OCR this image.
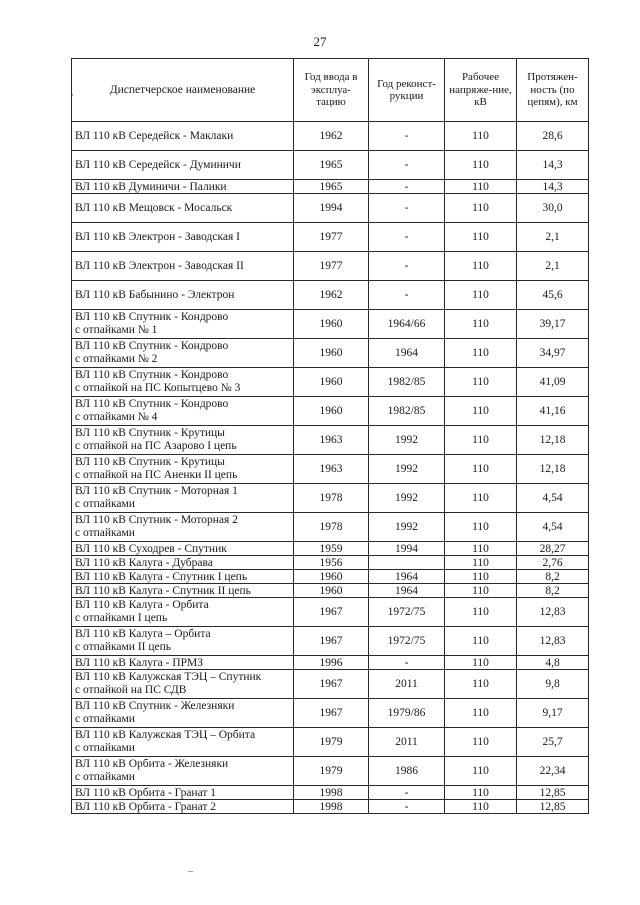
27
·	Диспетчерское наименование	Год ввода в эксплуа-тацию	Год реконст-рукции	Рабочее напряже-ние, кВ	Протяжен-ность (по цепям), км
ВЛ 110 кВ Середейск - Маклаки	1962	-	110	28,6
ВЛ 110 кВ Середейск - Думиничи	1965	-	110	14,3
ВЛ 110 кВ Думиничи - Палики	1965	-	110	14,3
ВЛ 110 кВ Мещовск - Мосальск	1994	-	110	30,0
ВЛ 110 кВ Электрон - Заводская I	1977	-	110	2,1
ВЛ 110 кВ Электрон - Заводская II	1977	-	110	2,1
ВЛ 110 кВ Бабынино - Электрон	1962	-	110	45,6
ВЛ 110 кВ Спутник - Кондрово
с отпайками № 1	1960	1964/66	110	39,17
ВЛ 110 кВ Спутник - Кондрово
с отпайками № 2	1960	1964	110	34,97
ВЛ 110 кВ Спутник - Кондрово
с отпайкой на ПС Копытцево № 3	1960	1982/85	110	41,09
ВЛ 110 кВ Спутник - Кондрово
с отпайками № 4	1960	1982/85	110	41,16
ВЛ 110 кВ Спутник - Крутицы
с отпайкой на ПС Азарово I цепь	1963	1992	110	12,18
ВЛ 110 кВ Спутник - Крутицы
с отпайкой на ПС Аненки II цепь	1963	1992	110	12,18
ВЛ 110 кВ Спутник - Моторная 1
с отпайками	1978	1992	110	4,54
ВЛ 110 кВ Спутник - Моторная 2
с отпайками	1978	1992	110	4,54
ВЛ 110 кВ Суходрев - Спутник	1959	1994	110	28,27
ВЛ 110 кВ Калуга - Дубрава	1956		110	2,76
ВЛ 110 кВ Калуга - Спутник I цепь	1960	1964	110	8,2
ВЛ 110 кВ Калуга - Спутник II цепь	1960	1964	110	8,2
ВЛ 110 кВ Калуга - Орбита
с отпайками I цепь	1967	1972/75	110	12,83
ВЛ 110 кВ Калуга – Орбита
с отпайками II цепь	1967	1972/75	110	12,83
ВЛ 110 кВ Калуга - ПРМЗ	1996	-	110	4,8
ВЛ 110 кВ Калужская ТЭЦ – Спутник
с отпайкой на ПС СДВ	1967	2011	110	9,8
ВЛ 110 кВ Спутник - Железняки
с отпайками	1967	1979/86	110	9,17
ВЛ 110 кВ Калужская ТЭЦ – Орбита
с отпайками	1979	2011	110	25,7
ВЛ 110 кВ Орбита - Железняки
с отпайками	1979	1986	110	22,34
ВЛ 110 кВ Орбита - Гранат 1	1998	-	110	12,85
ВЛ 110 кВ Орбита - Гранат 2	1998	-	110	12,85
–
